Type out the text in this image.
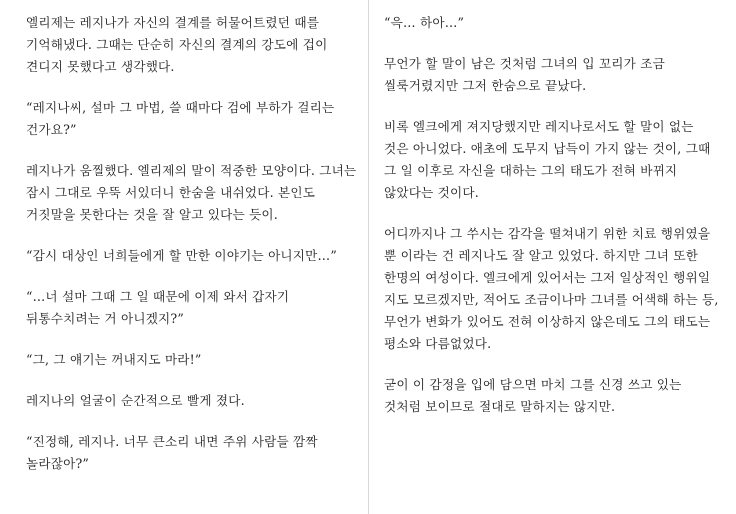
엘리제는 레지나가 자신의 결계를 허물어트렸던 때를
기억해냈다. 그때는 단순히 자신의 결계의 강도에 겁이
견디지 못했다고 생각했다.
“레지나씨, 설마 그 마법, 쓸 때마다 검에 부하가 걸리는
건가요?”
레지나가 움찔했다. 엘리제의 말이 적중한 모양이다. 그녀는
잠시 그대로 우뚝 서있더니 한숨을 내쉬었다. 본인도
거짓말을 못한다는 것을 잘 알고 있다는 듯이.
“감시 대상인 너희들에게 할 만한 이야기는 아니지만…”
“…너 설마 그때 그 일 때문에 이제 와서 갑자기
뒤통수치려는 거 아니겠지?”
“그, 그 얘기는 꺼내지도 마라!”
레지나의 얼굴이 순간적으로 빨게 졌다.
“진정해, 레지나. 너무 큰소리 내면 주위 사람들 깜짝
놀라잖아?”
“윽… 하아…”
무언가 할 말이 남은 것처럼 그녀의 입 꼬리가 조금
씰룩거렸지만 그저 한숨으로 끝났다.
비록 엘크에게 져지당했지만 레지나로서도 할 말이 없는
것은 아니었다. 애초에 도무지 납득이 가지 않는 것이, 그때
그 일 이후로 자신을 대하는 그의 태도가 전혀 바뀌지
않았다는 것이다.
어디까지나 그 쑤시는 감각을 떨쳐내기 위한 치료 행위였을
뿐 이라는 건 레지나도 잘 알고 있었다. 하지만 그녀 또한
한명의 여성이다. 엘크에게 있어서는 그저 일상적인 행위일
지도 모르겠지만, 적어도 조금이나마 그녀를 어색해 하는 등,
무언가 변화가 있어도 전혀 이상하지 않은데도 그의 태도는
평소와 다름없었다.
굳이 이 감정을 입에 담으면 마치 그를 신경 쓰고 있는
것처럼 보이므로 절대로 말하지는 않지만.
